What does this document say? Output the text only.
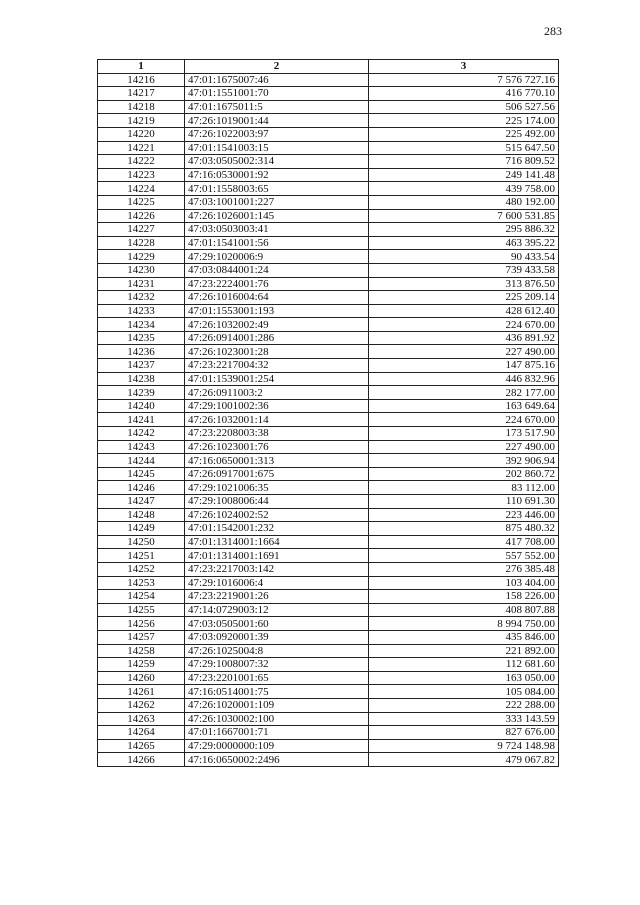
283
1	2	3
14216	47:01:1675007:46	7 576 727.16
14217	47:01:1551001:70	416 770.10
14218	47:01:1675011:5	506 527.56
14219	47:26:1019001:44	225 174.00
14220	47:26:1022003:97	225 492.00
14221	47:01:1541003:15	515 647.50
14222	47:03:0505002:314	716 809.52
14223	47:16:0530001:92	249 141.48
14224	47:01:1558003:65	439 758.00
14225	47:03:1001001:227	480 192.00
14226	47:26:1026001:145	7 600 531.85
14227	47:03:0503003:41	295 886.32
14228	47:01:1541001:56	463 395.22
14229	47:29:1020006:9	90 433.54
14230	47:03:0844001:24	739 433.58
14231	47:23:2224001:76	313 876.50
14232	47:26:1016004:64	225 209.14
14233	47:01:1553001:193	428 612.40
14234	47:26:1032002:49	224 670.00
14235	47:26:0914001:286	436 891.92
14236	47:26:1023001:28	227 490.00
14237	47:23:2217004:32	147 875.16
14238	47:01:1539001:254	446 832.96
14239	47:26:0911003:2	282 177.00
14240	47:29:1001002:36	163 649.64
14241	47:26:1032001:14	224 670.00
14242	47:23:2208003:38	173 517.90
14243	47:26:1023001:76	227 490.00
14244	47:16:0650001:313	392 906.94
14245	47:26:0917001:675	202 860.72
14246	47:29:1021006:35	83 112.00
14247	47:29:1008006:44	110 691.30
14248	47:26:1024002:52	223 446.00
14249	47:01:1542001:232	875 480.32
14250	47:01:1314001:1664	417 708.00
14251	47:01:1314001:1691	557 552.00
14252	47:23:2217003:142	276 385.48
14253	47:29:1016006:4	103 404.00
14254	47:23:2219001:26	158 226.00
14255	47:14:0729003:12	408 807.88
14256	47:03:0505001:60	8 994 750.00
14257	47:03:0920001:39	435 846.00
14258	47:26:1025004:8	221 892.00
14259	47:29:1008007:32	112 681.60
14260	47:23:2201001:65	163 050.00
14261	47:16:0514001:75	105 084.00
14262	47:26:1020001:109	222 288.00
14263	47:26:1030002:100	333 143.59
14264	47:01:1667001:71	827 676.00
14265	47:29:0000000:109	9 724 148.98
14266	47:16:0650002:2496	479 067.82
